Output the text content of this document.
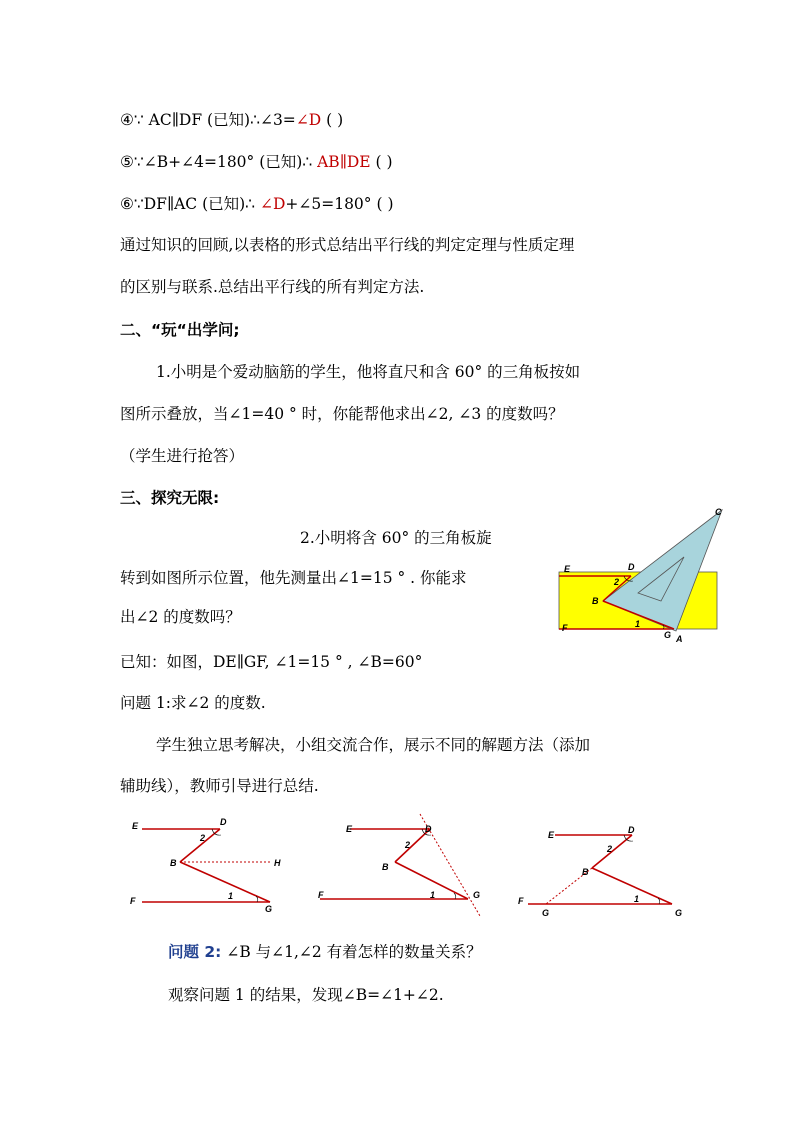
④∵ AC∥DF (已知)∴∠3=∠D ( )
⑤∵∠B+∠4=180° (已知)∴ AB∥DE ( )
⑥∵DF∥AC (已知)∴ ∠D+∠5=180° ( )
通过知识的回顾,以表格的形式总结出平行线的判定定理与性质定理
的区别与联系.总结出平行线的所有判定方法.
二、“玩“出学问;
1.小明是个爱动脑筋的学生，他将直尺和含 60° 的三角板按如
图所示叠放，当∠1=40 ° 时，你能帮他求出∠2, ∠3 的度数吗？
（学生进行抢答）
三、探究无限:
2.小明将含 60° 的三角板旋
转到如图所示位置，他先测量出∠1=15 ° . 你能求
出∠2 的度数吗？
已知：如图，DE∥GF, ∠1=15 ° , ∠B=60°
问题 1:求∠2 的度数.
学生独立思考解决，小组交流合作，展示不同的解题方法（添加
辅助线），教师引导进行总结.
问题 2: ∠B 与∠1,∠2 有着怎样的数量关系？
观察问题 1 的结果，发现∠B=∠1+∠2.
C
E	D
2
B
F	1
G A
E	D
2
B	H
F	1
G
E	D
2
B
F	1	G
E	D
2
B
F
G
1
G
